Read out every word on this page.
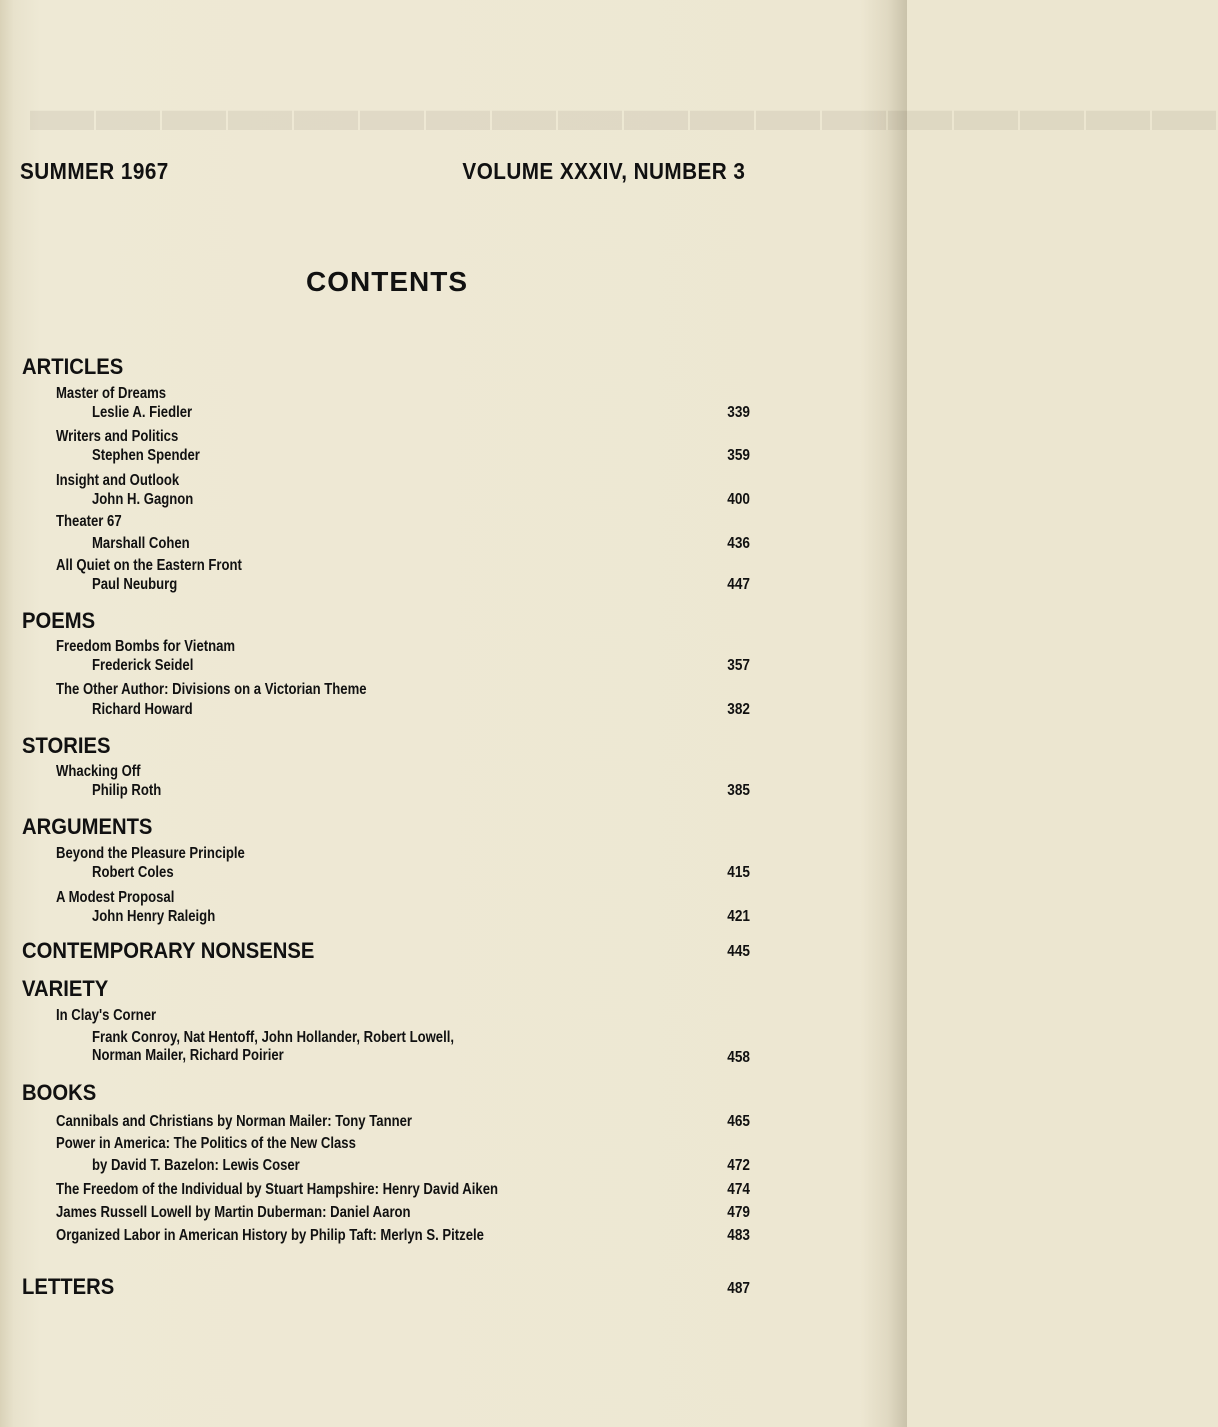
▬▬▬▬▬▬▬▬▬▬▬▬▬▬▬▬▬▬
SUMMER 1967	VOLUME XXXIV, NUMBER 3
CONTENTS
ARTICLES
Master of Dreams
Leslie A. Fiedler	339
Writers and Politics
Stephen Spender	359
Insight and Outlook
John H. Gagnon	400
Theater 67
Marshall Cohen	436
All Quiet on the Eastern Front
Paul Neuburg	447
POEMS
Freedom Bombs for Vietnam
Frederick Seidel	357
The Other Author: Divisions on a Victorian Theme
Richard Howard	382
STORIES
Whacking Off
Philip Roth	385
ARGUMENTS
Beyond the Pleasure Principle
Robert Coles	415
A Modest Proposal
John Henry Raleigh	421
CONTEMPORARY NONSENSE	445
VARIETY
In Clay's Corner
Frank Conroy, Nat Hentoff, John Hollander, Robert Lowell,
Norman Mailer, Richard Poirier	458
BOOKS
Cannibals and Christians by Norman Mailer: Tony Tanner	465
Power in America: The Politics of the New Class
by David T. Bazelon: Lewis Coser	472
The Freedom of the Individual by Stuart Hampshire: Henry David Aiken	474
James Russell Lowell by Martin Duberman: Daniel Aaron	479
Organized Labor in American History by Philip Taft: Merlyn S. Pitzele	483
LETTERS	487
